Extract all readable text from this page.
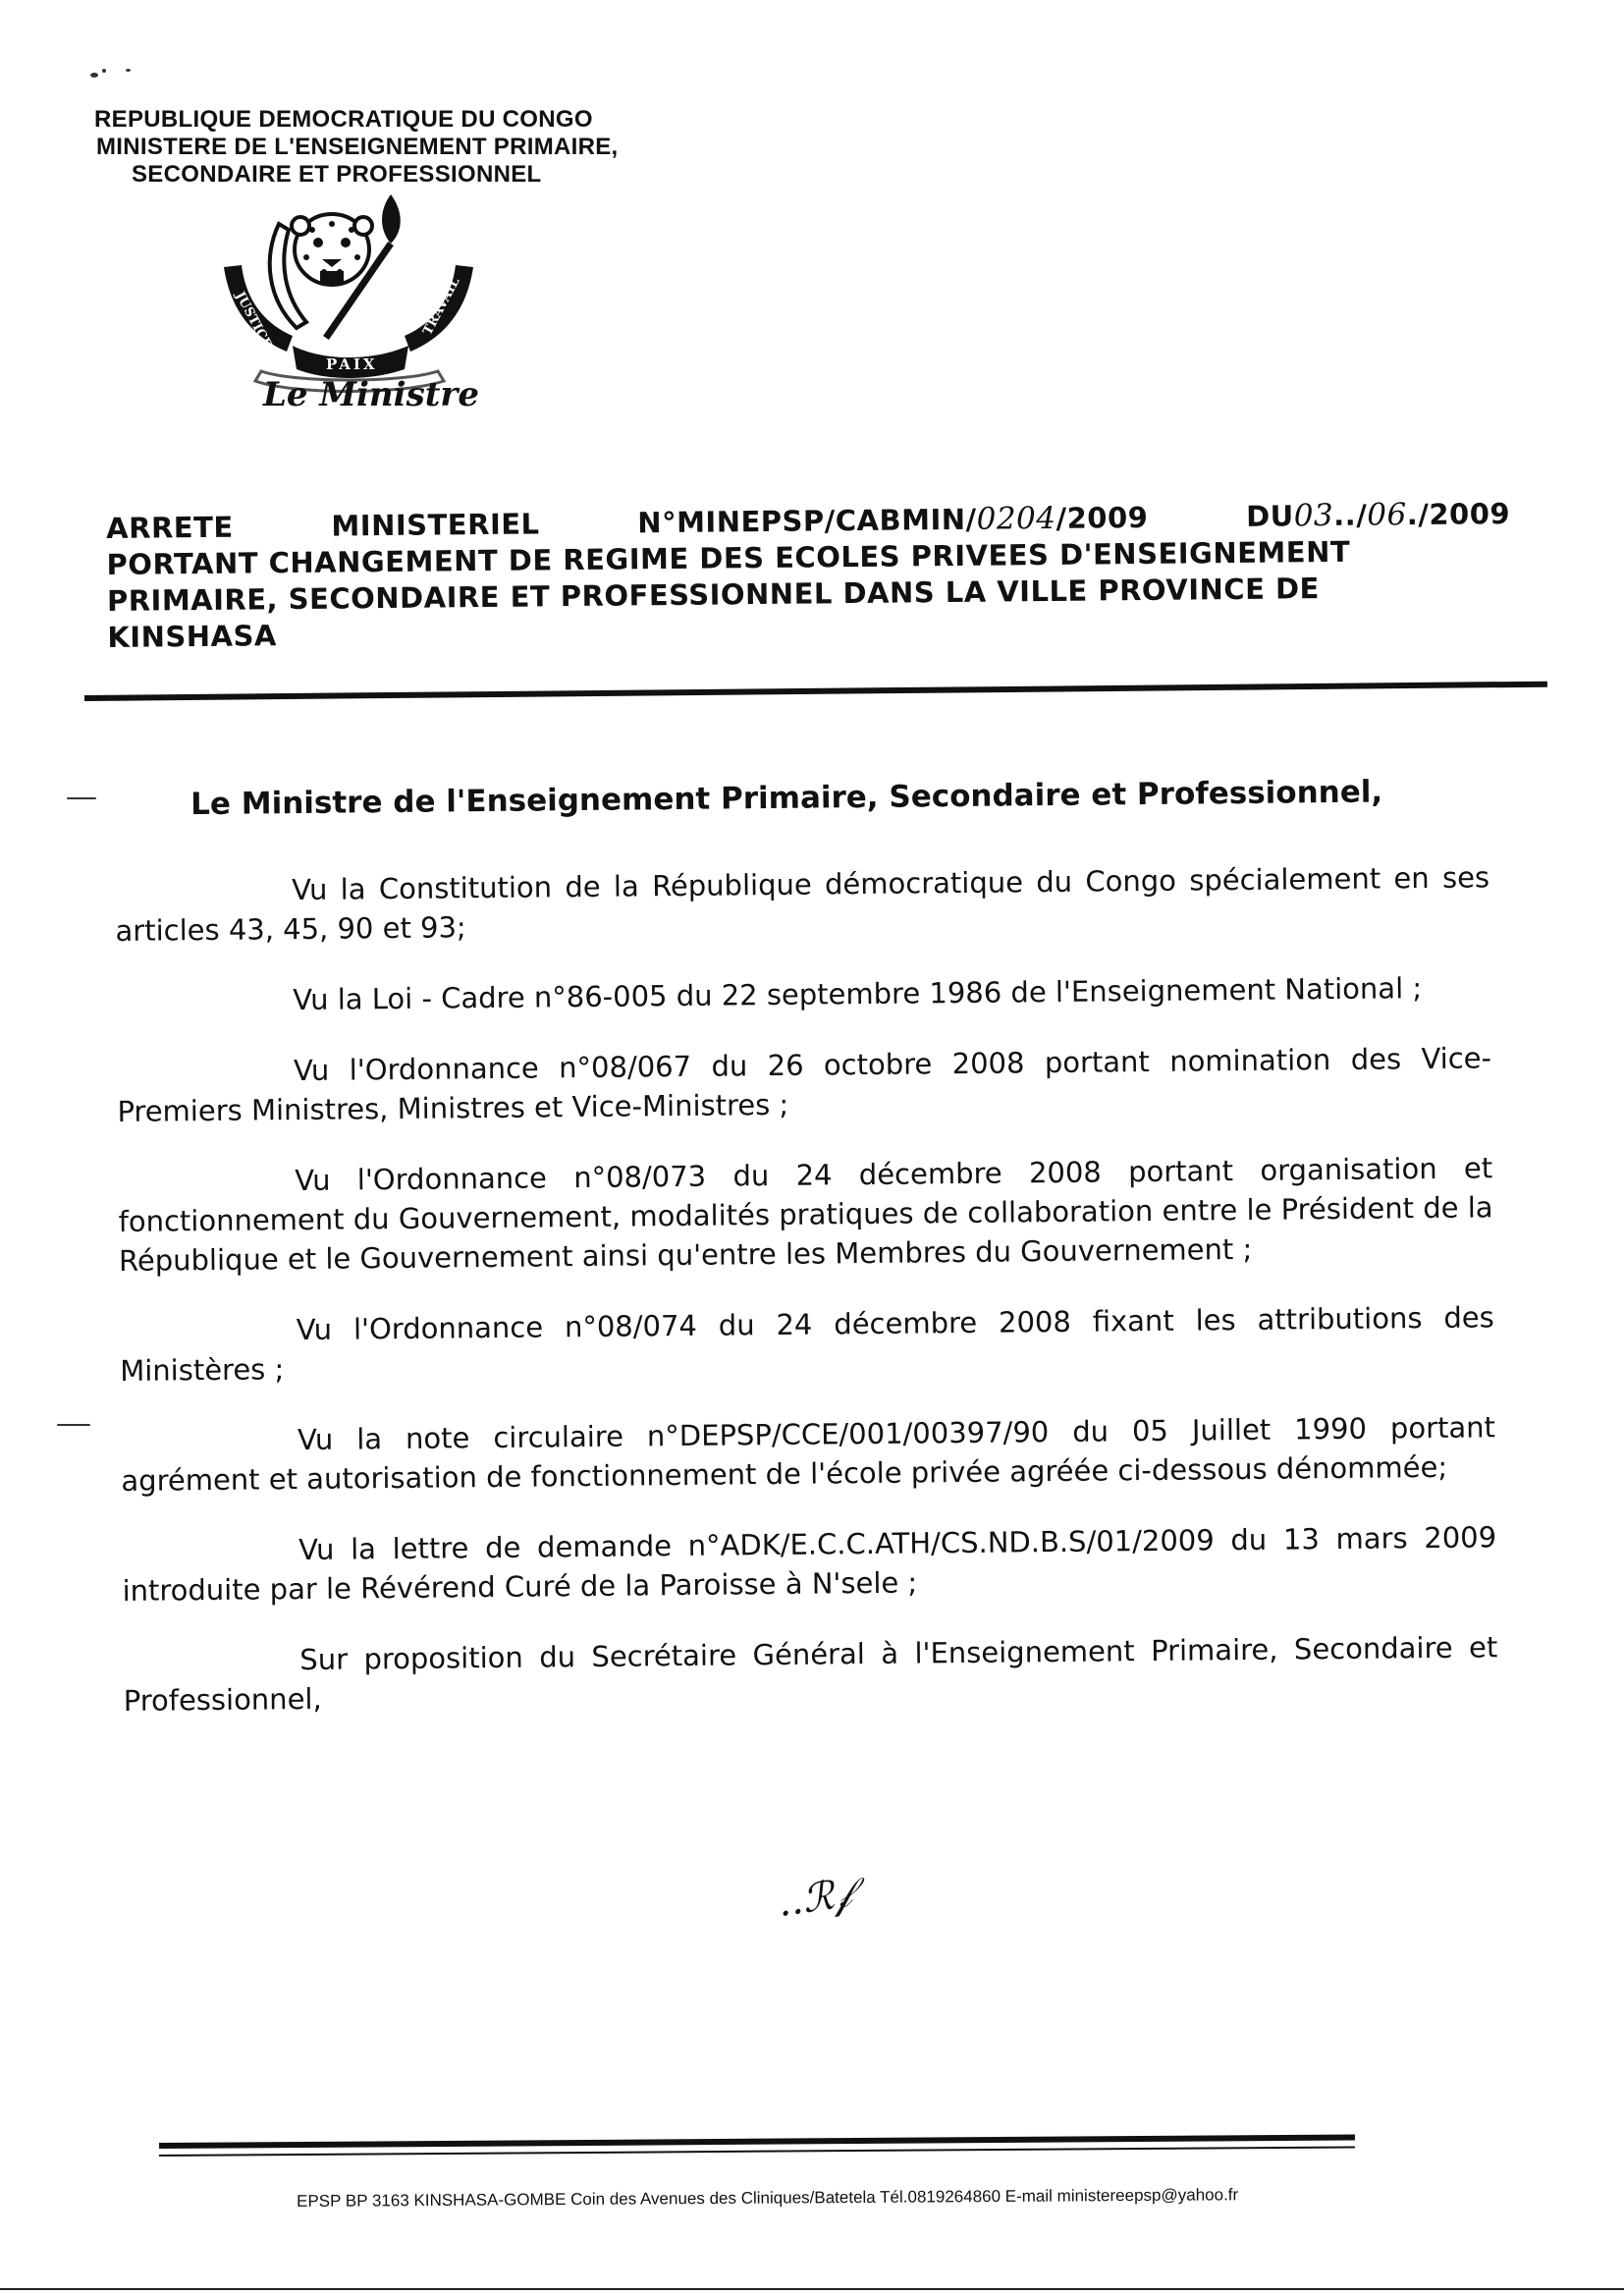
REPUBLIQUE DEMOCRATIQUE DU CONGO
MINISTERE DE L'ENSEIGNEMENT PRIMAIRE,
SECONDAIRE ET PROFESSIONNEL
JUSTICE	TRAVAIL
PAIX
Le Ministre
ARRETE	MINISTERIEL	N°MINEPSP/CABMIN/0204/2009	DU03../06./2009
PORTANT CHANGEMENT DE REGIME DES ECOLES PRIVEES D'ENSEIGNEMENT
PRIMAIRE, SECONDAIRE ET PROFESSIONNEL DANS LA VILLE PROVINCE DE
KINSHASA
Le Ministre de l'Enseignement Primaire, Secondaire et Professionnel,

Vu la Constitution de la République démocratique du Congo spécialement en ses articles 43, 45, 90 et 93;

Vu la Loi - Cadre n°86-005 du 22 septembre 1986 de l'Enseignement National ;

Vu l'Ordonnance n°08/067 du 26 octobre 2008 portant nomination des Vice-Premiers Ministres, Ministres et Vice-Ministres ;

Vu l'Ordonnance n°08/073 du 24 décembre 2008 portant organisation et fonctionnement du Gouvernement, modalités pratiques de collaboration entre le Président de la République et le Gouvernement ainsi qu'entre les Membres du Gouvernement ;

Vu l'Ordonnance n°08/074 du 24 décembre 2008 fixant les attributions des Ministères ;

Vu la note circulaire n°DEPSP/CCE/001/00397/90 du 05 Juillet 1990 portant agrément et autorisation de fonctionnement de l'école privée agréée ci-dessous dénommée;

Vu la lettre de demande n°ADK/E.C.C.ATH/CS.ND.B.S/01/2009 du 13 mars 2009 introduite par le Révérend Curé de la Paroisse à N'sele ;

Sur proposition du Secrétaire Général à l'Enseignement Primaire, Secondaire et Professionnel,

..ℛ𝒻
EPSP BP 3163 KINSHASA-GOMBE Coin des Avenues des Cliniques/Batetela Tél.0819264860 E-mail ministereepsp@yahoo.fr
